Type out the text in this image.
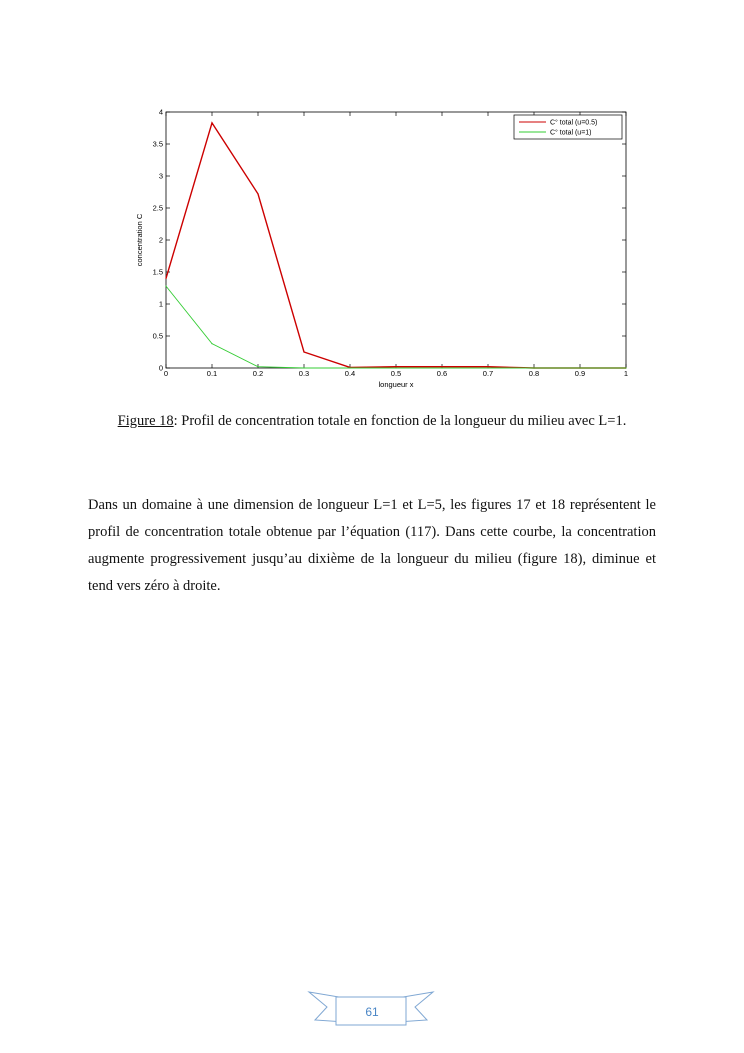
0	0.1	0.2	0.3	0.4	0.5	0.6	0.7	0.8	0.9	1
0
0.5
1
1.5
2
2.5
3
3.5
4
longueur x
concentration C
C° total (u=0.5)
C° total (u=1)
Figure 18: Profil de concentration totale en fonction de la longueur du milieu avec L=1.

Dans un domaine à une dimension de longueur L=1 et L=5, les figures 17 et 18 représentent le profil de concentration totale obtenue par l’équation (117). Dans cette courbe, la concentration augmente progressivement jusqu’au dixième de la longueur du milieu (figure 18), diminue et tend vers zéro à droite.

61
